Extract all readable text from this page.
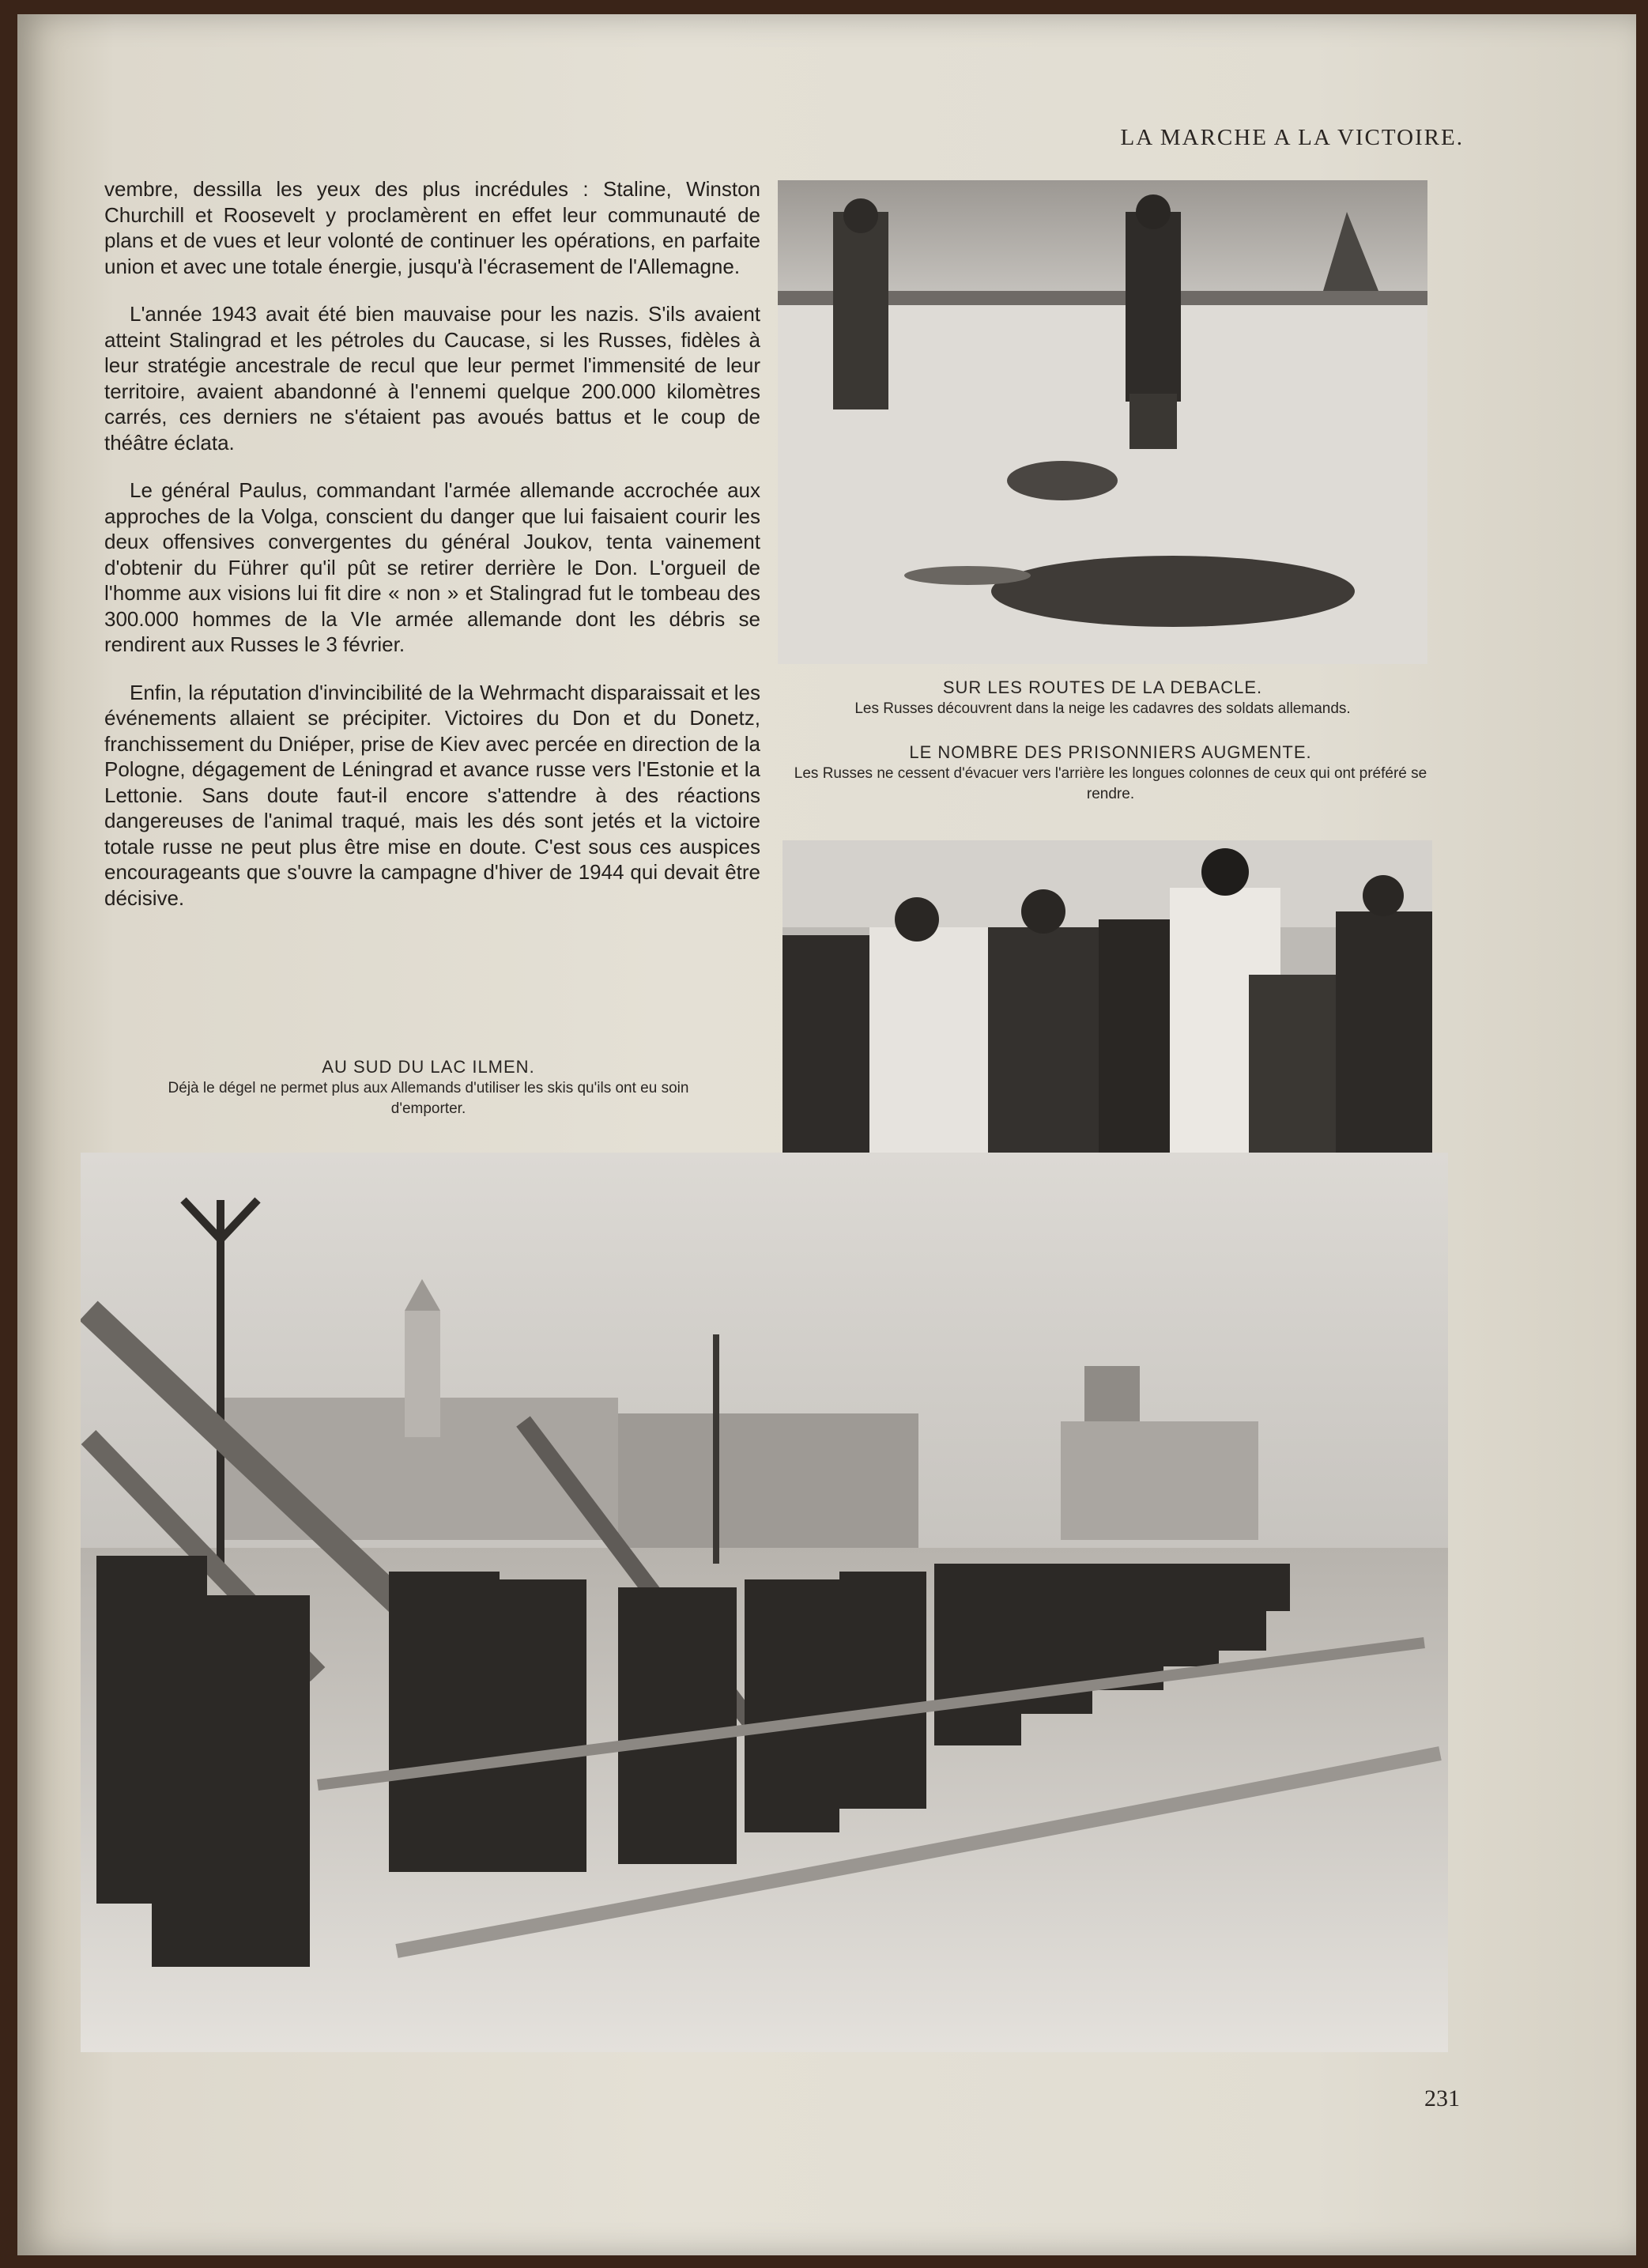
LA MARCHE A LA VICTOIRE.

vembre, dessilla les yeux des plus incrédules : Staline, Winston Churchill et Roosevelt y proclamèrent en effet leur communauté de plans et de vues et leur volonté de continuer les opérations, en parfaite union et avec une totale énergie, jusqu'à l'écrasement de l'Allemagne.

L'année 1943 avait été bien mauvaise pour les nazis. S'ils avaient atteint Stalingrad et les pétroles du Caucase, si les Russes, fidèles à leur stratégie ancestrale de recul que leur permet l'immensité de leur territoire, avaient abandonné à l'ennemi quelque 200.000 kilomètres carrés, ces derniers ne s'étaient pas avoués battus et le coup de théâtre éclata.

Le général Paulus, commandant l'armée allemande accrochée aux approches de la Volga, conscient du danger que lui faisaient courir les deux offensives convergentes du général Joukov, tenta vainement d'obtenir du Führer qu'il pût se retirer derrière le Don. L'orgueil de l'homme aux visions lui fit dire « non » et Stalingrad fut le tombeau des 300.000 hommes de la VIe armée allemande dont les débris se rendirent aux Russes le 3 février.

Enfin, la réputation d'invincibilité de la Wehrmacht disparaissait et les événements allaient se précipiter. Victoires du Don et du Donetz, franchissement du Dniéper, prise de Kiev avec percée en direction de la Pologne, dégagement de Léningrad et avance russe vers l'Estonie et la Lettonie. Sans doute faut-il encore s'attendre à des réactions dangereuses de l'animal traqué, mais les dés sont jetés et la victoire totale russe ne peut plus être mise en doute. C'est sous ces auspices encourageants que s'ouvre la campagne d'hiver de 1944 qui devait être décisive.

SUR LES ROUTES DE LA DEBACLE.
Les Russes découvrent dans la neige les cadavres des soldats allemands.
LE NOMBRE DES PRISONNIERS AUGMENTE.
Les Russes ne cessent d'évacuer vers l'arrière les longues colonnes de ceux qui ont préféré se rendre.
AU SUD DU LAC ILMEN.
Déjà le dégel ne permet plus aux Allemands d'utiliser les skis qu'ils ont eu soin d'emporter.
231
